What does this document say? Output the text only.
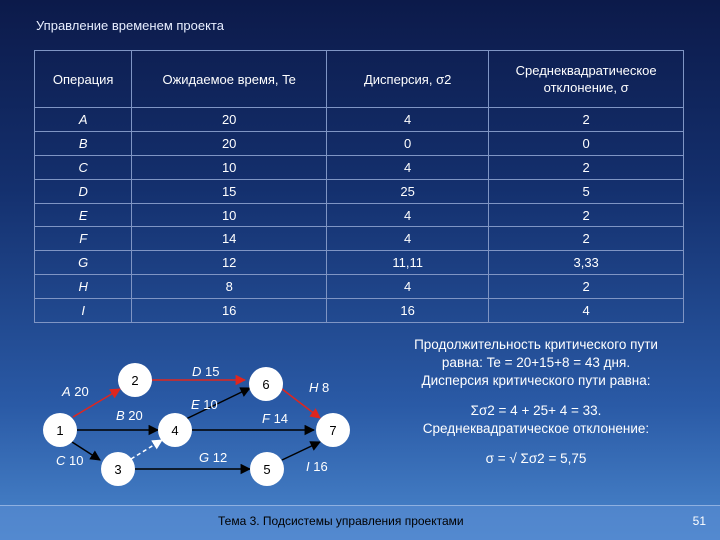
Управление временем проекта
Операция	Ожидаемое время, Te	Дисперсия, σ2	Среднеквадратическое отклонение, σ
A	20	4	2
B	20	0	0
C	10	4	2
D	15	25	5
E	10	4	2
F	14	4	2
G	12	11,11	3,33
H	8	4	2
I	16	16	4
1
2
3
4
5
6
7
A 20
D 15
H 8
B 20
E 10
F 14
C 10	G 12
I 16

Продолжительность критического пути

равна: Te = 20+15+8 = 43 дня.

Дисперсия критического пути равна:

Σσ2 = 4 + 25+ 4 = 33.

Среднеквадратическое отклонение:

σ = √ Σσ2 = 5,75

Тема 3. Подсистемы управления проектами	51
